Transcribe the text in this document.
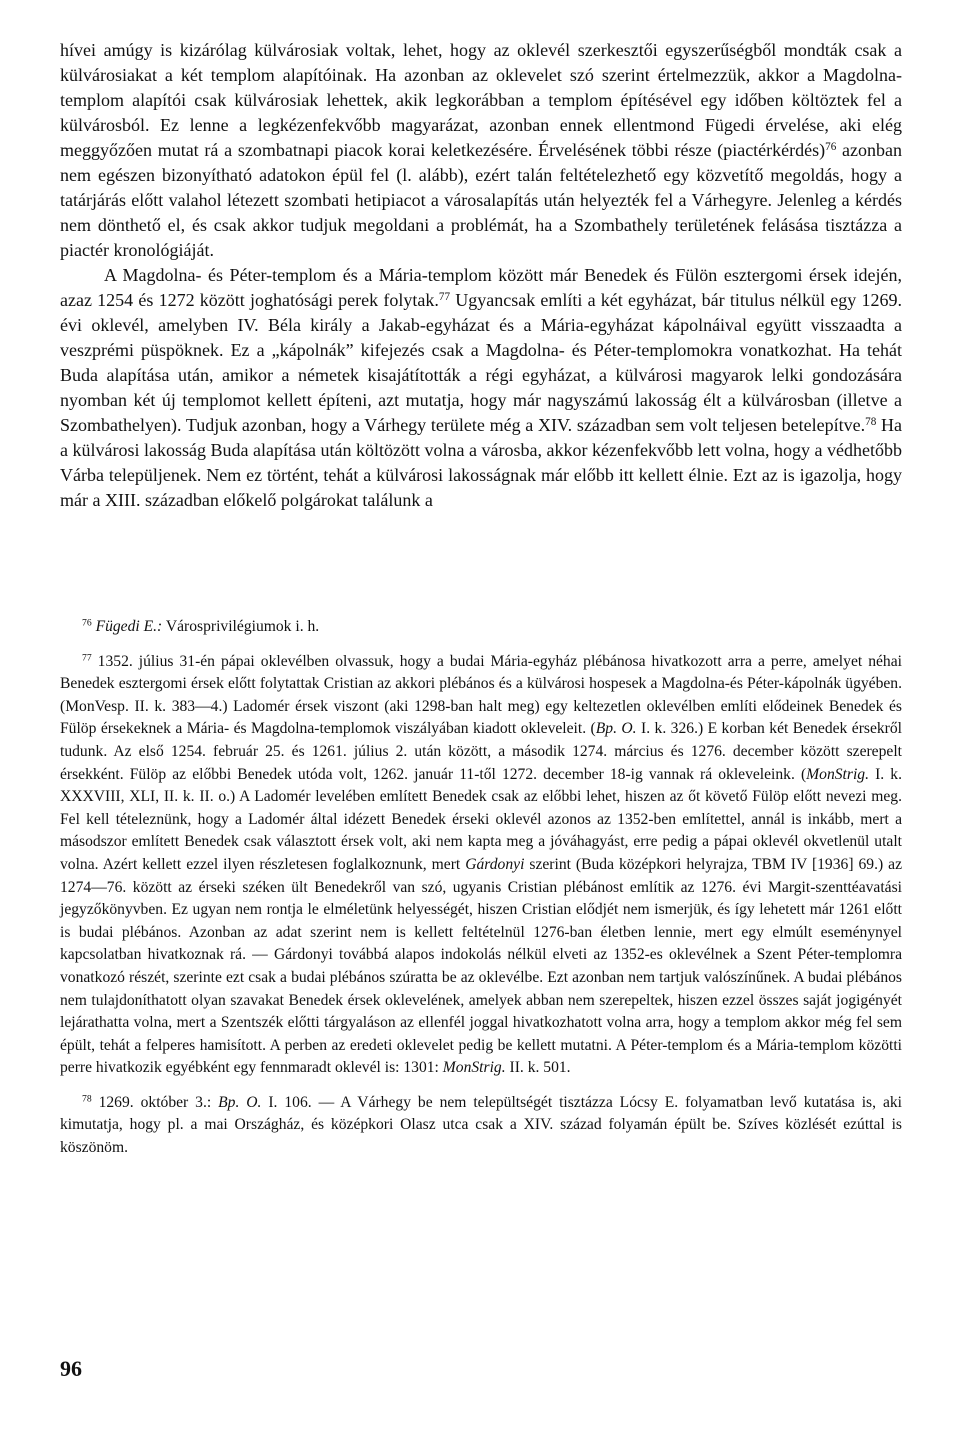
hívei amúgy is kizárólag külvárosiak voltak, lehet, hogy az oklevél szerkesztői egyszerűségből mondták csak a külvárosiakat a két templom alapítóinak. Ha azonban az oklevelet szó szerint értelmezzük, akkor a Magdolna-templom alapítói csak külvárosiak lehettek, akik legkorábban a templom építésével egy időben költöztek fel a külvárosból. Ez lenne a legkézenfekvőbb magyarázat, azonban ennek ellentmond Fügedi érvelése, aki elég meggyőzően mutat rá a szombatnapi piacok korai keletkezésére. Érvelésének többi része (piactérkérdés)$^{76}$ azonban nem egészen bizonyítható adatokon épül fel (l. alább), ezért talán feltételezhető egy közvetítő megoldás, hogy a tatárjárás előtt valahol létezett szombati hetipiacot a városalapítás után helyezték fel a Várhegyre. Jelenleg a kérdés nem dönthető el, és csak akkor tudjuk megoldani a problémát, ha a Szombathely területének felásása tisztázza a piactér kronológiáját.

A Magdolna- és Péter-templom és a Mária-templom között már Benedek és Fülön esztergomi érsek idején, azaz 1254 és 1272 között joghatósági perek folytak.$^{77}$ Ugyancsak említi a két egyházat, bár titulus nélkül egy 1269. évi oklevél, amelyben IV. Béla király a Jakab-egyházat és a Mária-egyházat kápolnáival együtt visszaadta a veszprémi püspöknek. Ez a „kápolnák” kifejezés csak a Magdolna- és Péter-templomokra vonatkozhat. Ha tehát Buda alapítása után, amikor a németek kisajátították a régi egyházat, a külvárosi magyarok lelki gondozására nyomban két új templomot kellett építeni, azt mutatja, hogy már nagyszámú lakosság élt a külvárosban (illetve a Szombathelyen). Tudjuk azonban, hogy a Várhegy területe még a XIV. században sem volt teljesen betelepítve.$^{78}$ Ha a külvárosi lakosság Buda alapítása után költözött volna a városba, akkor kézenfekvőbb lett volna, hogy a védhetőbb Várba települjenek. Nem ez történt, tehát a külvárosi lakosságnak már előbb itt kellett élnie. Ezt az is igazolja, hogy már a XIII. században előkelő polgárokat találunk a

$^{76}$ Fügedi E.: Városprivilégiumok i. h.

$^{77}$ 1352. július 31-én pápai oklevélben olvassuk, hogy a budai Mária-egyház plébánosa hivatkozott arra a perre, amelyet néhai Benedek esztergomi érsek előtt folytattak Cristian az akkori plébános és a külvárosi hospesek a Magdolna-és Péter-kápolnák ügyében. (MonVesp. II. k. 383—4.) Ladomér érsek viszont (aki 1298-ban halt meg) egy keltezetlen oklevélben említi elődeinek Benedek és Fülöp érsekeknek a Mária- és Magdolna-templomok viszályában kiadott okleveleit. (Bp. O. I. k. 326.) E korban két Benedek érsekről tudunk. Az első 1254. február 25. és 1261. július 2. után között, a második 1274. március és 1276. december között szerepelt érsekként. Fülöp az előbbi Benedek utóda volt, 1262. január 11-től 1272. december 18-ig vannak rá okleveleink. (MonStrig. I. k. XXXVIII, XLI, II. k. II. o.) A Ladomér levelében említett Benedek csak az előbbi lehet, hiszen az őt követő Fülöp előtt nevezi meg. Fel kell tételeznünk, hogy a Ladomér által idézett Benedek érseki oklevél azonos az 1352-ben említettel, annál is inkább, mert a másodszor említett Benedek csak választott érsek volt, aki nem kapta meg a jóváhagyást, erre pedig a pápai oklevél okvetlenül utalt volna. Azért kellett ezzel ilyen részletesen foglalkoznunk, mert Gárdonyi szerint (Buda középkori helyrajza, TBM IV [1936] 69.) az 1274—76. között az érseki széken ült Benedekről van szó, ugyanis Cristian plébánost említik az 1276. évi Margit-szenttéavatási jegyzőkönyvben. Ez ugyan nem rontja le elméletünk helyességét, hiszen Cristian elődjét nem ismerjük, és így lehetett már 1261 előtt is budai plébános. Azonban az adat szerint nem is kellett feltételnül 1276-ban életben lennie, mert egy elmúlt eseménynyel kapcsolatban hivatkoznak rá. — Gárdonyi továbbá alapos indokolás nélkül elveti az 1352-es oklevélnek a Szent Péter-templomra vonatkozó részét, szerinte ezt csak a budai plébános szúratta be az oklevélbe. Ezt azonban nem tartjuk valószínűnek. A budai plébános nem tulajdoníthatott olyan szavakat Benedek érsek oklevelének, amelyek abban nem szerepeltek, hiszen ezzel összes saját jogigényét lejárathatta volna, mert a Szentszék előtti tárgyaláson az ellenfél joggal hivatkozhatott volna arra, hogy a templom akkor még fel sem épült, tehát a felperes hamisított. A perben az eredeti oklevelet pedig be kellett mutatni. A Péter-templom és a Mária-templom közötti perre hivatkozik egyébként egy fennmaradt oklevél is: 1301: MonStrig. II. k. 501.

$^{78}$ 1269. október 3.: Bp. O. I. 106. — A Várhegy be nem települtségét tisztázza Lócsy E. folyamatban levő kutatása is, aki kimutatja, hogy pl. a mai Országház, és középkori Olasz utca csak a XIV. század folyamán épült be. Szíves közlését ezúttal is köszönöm.

96
